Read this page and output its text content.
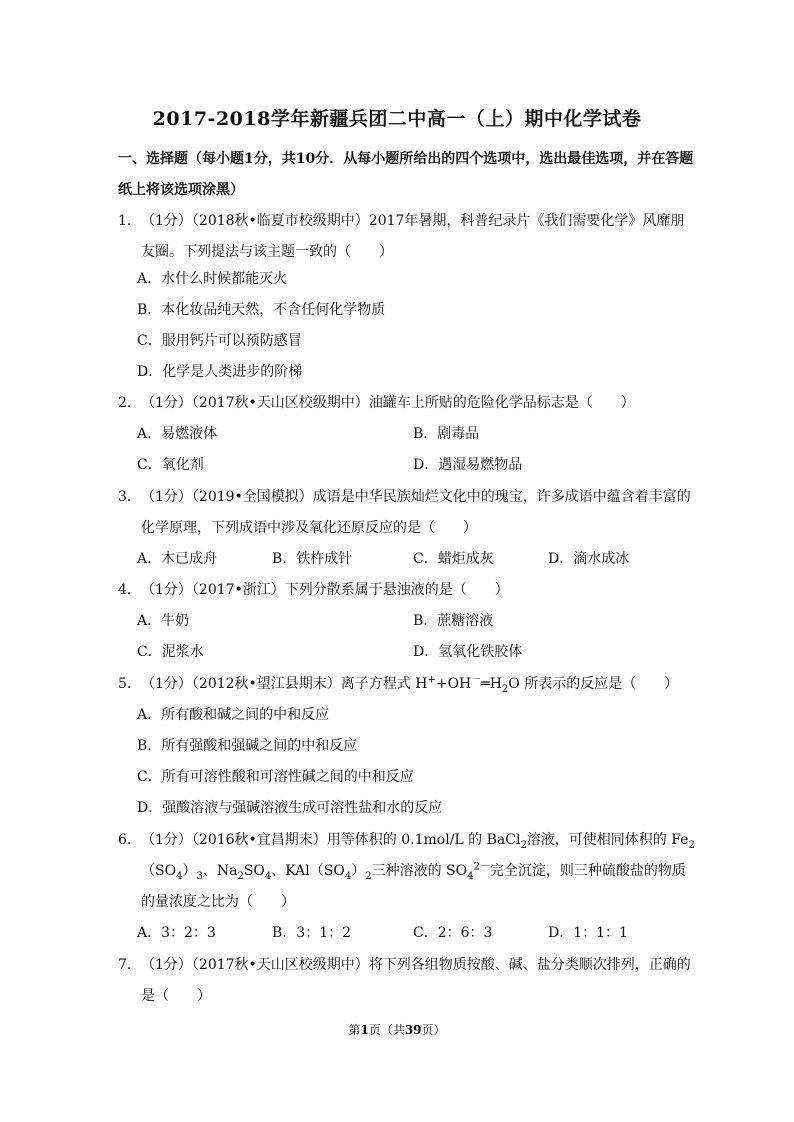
2017-2018学年新疆兵团二中高一（上）期中化学试卷
一、选择题（每小题1分，共10分．从每小题所给出的四个选项中，选出最佳选项，并在答题纸上将该选项涂黑）
1．（1分）（2018秋•临夏市校级期中）2017年暑期，科普纪录片《我们需要化学》风靡朋友圈。下列提法与该主题一致的（　　）
A．水什么时候都能灭火
B．本化妆品纯天然，不含任何化学物质
C．服用钙片可以预防感冒
D．化学是人类进步的阶梯
2．（1分）（2017秋•天山区校级期中）油罐车上所贴的危险化学品标志是（　　）
A．易燃液体	B．剧毒品
C．氧化剂	D．遇湿易燃物品
3．（1分）（2019•全国模拟）成语是中华民族灿烂文化中的瑰宝，许多成语中蕴含着丰富的化学原理，下列成语中涉及氧化还原反应的是（　　）
A．木已成舟	B．铁杵成针	C．蜡炬成灰	D．滴水成冰
4．（1分）（2017•浙江）下列分散系属于悬浊液的是（　　）
A．牛奶	B．蔗糖溶液
C．泥浆水	D．氢氧化铁胶体
5．（1分）（2012秋•望江县期末）离子方程式 $H^++OH^-═H_2O$ 所表示的反应是（　　）
A．所有酸和碱之间的中和反应
B．所有强酸和强碱之间的中和反应
C．所有可溶性酸和可溶性碱之间的中和反应
D．强酸溶液与强碱溶液生成可溶性盐和水的反应
6．（1分）（2016秋•宜昌期末）用等体积的 0.1mol/L 的 BaCl$_2$溶液，可使相同体积的 $Fe_2(SO_4)_3$、$Na_2SO_4$、$KAl(SO_4)_2$三种溶液的 $SO_4^{2-}$完全沉淀，则三种硫酸盐的物质的量浓度之比为（　　）
A．3：2：3	B．3：1：2	C．2：6：3	D．1：1：1
7．（1分）（2017秋•天山区校级期中）将下列各组物质按酸、碱、盐分类顺次排列，正确的是（　　）
第1页（共39页）
